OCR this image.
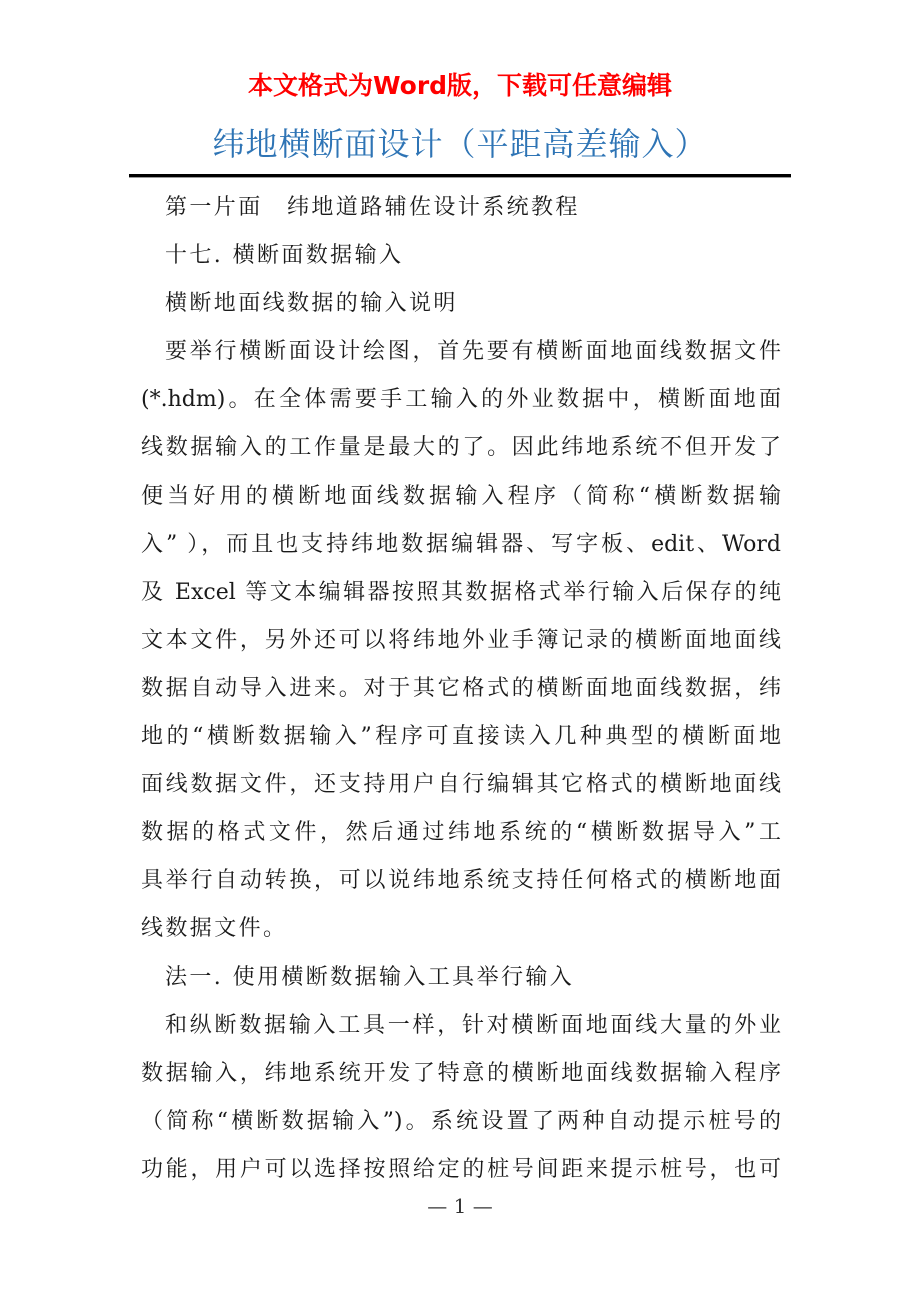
本文格式为Word版，下载可任意编辑
纬地横断面设计（平距高差输入）
第一片面　纬地道路辅佐设计系统教程
十七. 横断面数据输入
横断地面线数据的输入说明
要举行横断面设计绘图，首先要有横断面地面线数据文件
(*.hdm)。在全体需要手工输入的外业数据中，横断面地面
线数据输入的工作量是最大的了。因此纬地系统不但开发了
便当好用的横断地面线数据输入程序（简称“横断数据输
入” ），而且也支持纬地数据编辑器、写字板、edit、Word
及 Excel 等文本编辑器按照其数据格式举行输入后保存的纯
文本文件，另外还可以将纬地外业手簿记录的横断面地面线
数据自动导入进来。对于其它格式的横断面地面线数据，纬
地的“横断数据输入”程序可直接读入几种典型的横断面地
面线数据文件，还支持用户自行编辑其它格式的横断地面线
数据的格式文件，然后通过纬地系统的“横断数据导入”工
具举行自动转换，可以说纬地系统支持任何格式的横断地面
线数据文件。
法一. 使用横断数据输入工具举行输入
和纵断数据输入工具一样，针对横断面地面线大量的外业
数据输入，纬地系统开发了特意的横断地面线数据输入程序
（简称“横断数据输入”)。系统设置了两种自动提示桩号的
功能，用户可以选择按照给定的桩号间距来提示桩号，也可
— 1 —
